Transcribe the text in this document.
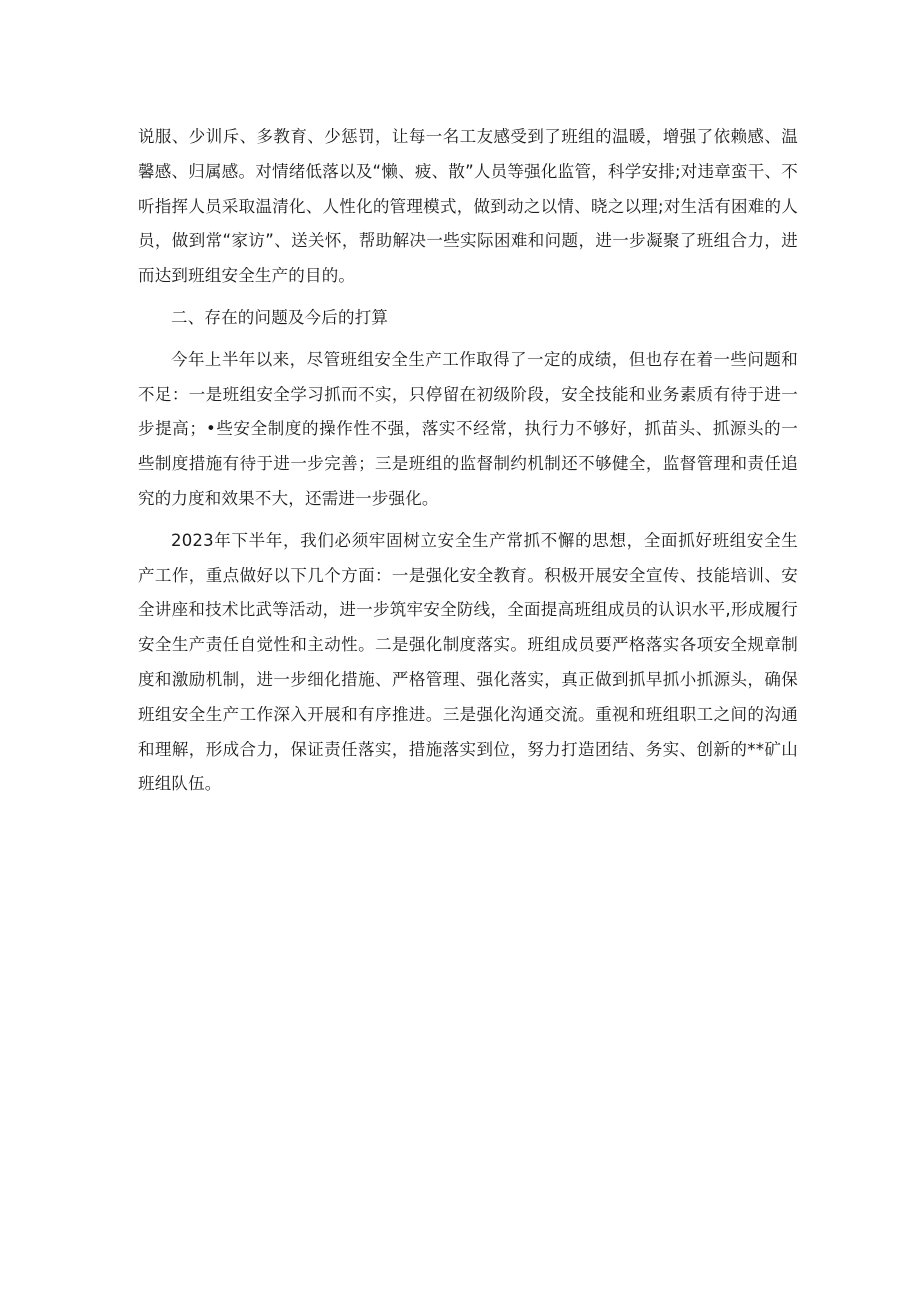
说服、少训斥、多教育、少惩罚，让每一名工友感受到了班组的温暖，增强了依赖感、温馨感、归属感。对情绪低落以及“懒、疲、散”人员等强化监管，科学安排;对违章蛮干、不听指挥人员采取温清化、人性化的管理模式，做到动之以情、晓之以理;对生活有困难的人员，做到常“家访”、送关怀，帮助解决一些实际困难和问题，进一步凝聚了班组合力，进而达到班组安全生产的目的。

二、存在的问题及今后的打算

今年上半年以来，尽管班组安全生产工作取得了一定的成绩，但也存在着一些问题和不足：一是班组安全学习抓而不实，只停留在初级阶段，安全技能和业务素质有待于进一步提高；•些安全制度的操作性不强，落实不经常，执行力不够好，抓苗头、抓源头的一些制度措施有待于进一步完善；三是班组的监督制约机制还不够健全，监督管理和责任追究的力度和效果不大，还需进一步强化。

2023年下半年，我们必须牢固树立安全生产常抓不懈的思想，全面抓好班组安全生产工作，重点做好以下几个方面：一是强化安全教育。积极开展安全宣传、技能培训、安全讲座和技术比武等活动，进一步筑牢安全防线，全面提高班组成员的认识水平,形成履行安全生产责任自觉性和主动性。二是强化制度落实。班组成员要严格落实各项安全规章制度和激励机制，进一步细化措施、严格管理、强化落实，真正做到抓早抓小抓源头，确保班组安全生产工作深入开展和有序推进。三是强化沟通交流。重视和班组职工之间的沟通和理解，形成合力，保证责任落实，措施落实到位，努力打造团结、务实、创新的**矿山班组队伍。
